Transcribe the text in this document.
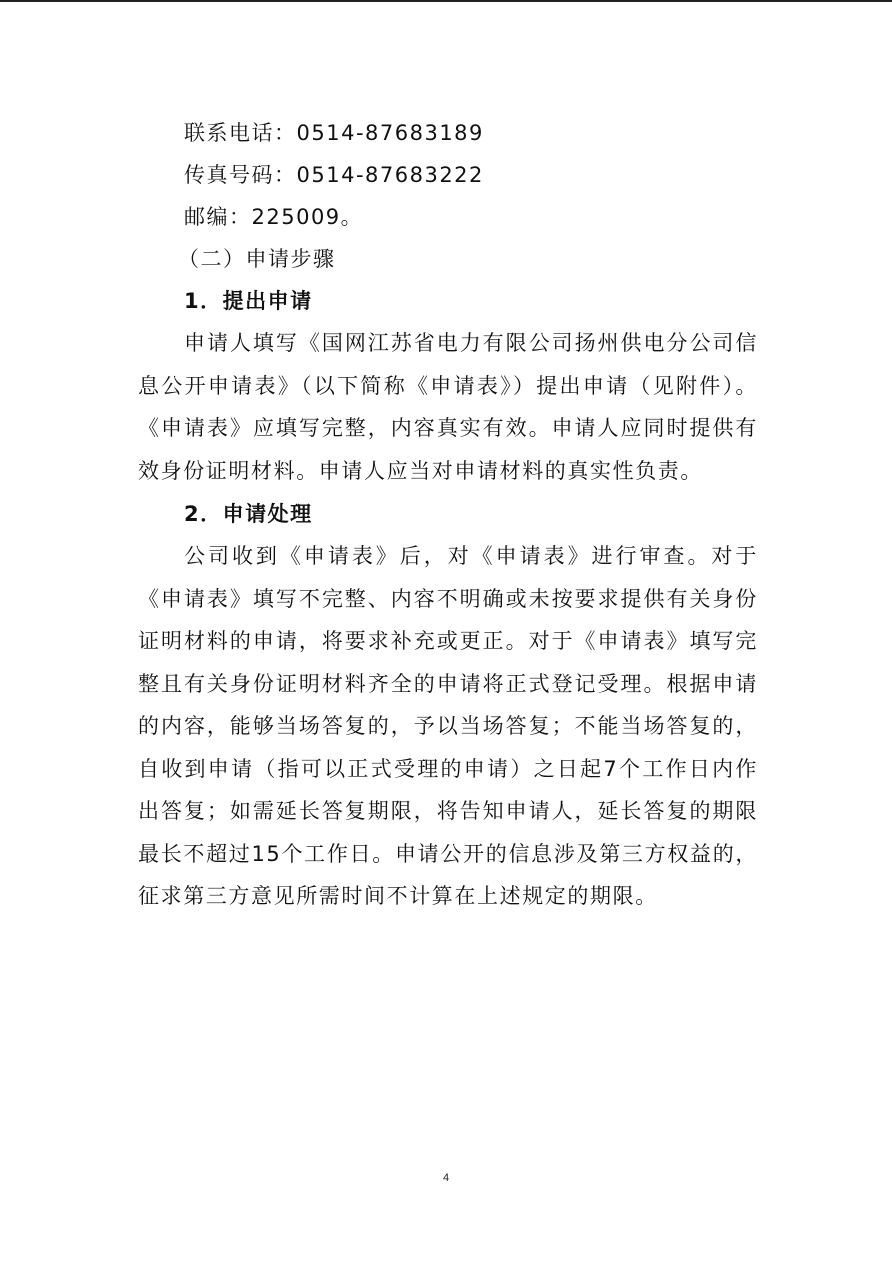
联系电话：0514-87683189
传真号码：0514-87683222
邮编：225009。
（二）申请步骤
1．提出申请

申请人填写《国网江苏省电力有限公司扬州供电分公司信息公开申请表》（以下简称《申请表》）提出申请（见附件）。《申请表》应填写完整，内容真实有效。申请人应同时提供有效身份证明材料。申请人应当对申请材料的真实性负责。

2．申请处理

公司收到《申请表》后，对《申请表》进行审查。对于《申请表》填写不完整、内容不明确或未按要求提供有关身份证明材料的申请，将要求补充或更正。对于《申请表》填写完整且有关身份证明材料齐全的申请将正式登记受理。根据申请的内容，能够当场答复的，予以当场答复；不能当场答复的，自收到申请（指可以正式受理的申请）之日起7个工作日内作出答复；如需延长答复期限，将告知申请人，延长答复的期限最长不超过15个工作日。申请公开的信息涉及第三方权益的，征求第三方意见所需时间不计算在上述规定的期限。

4
